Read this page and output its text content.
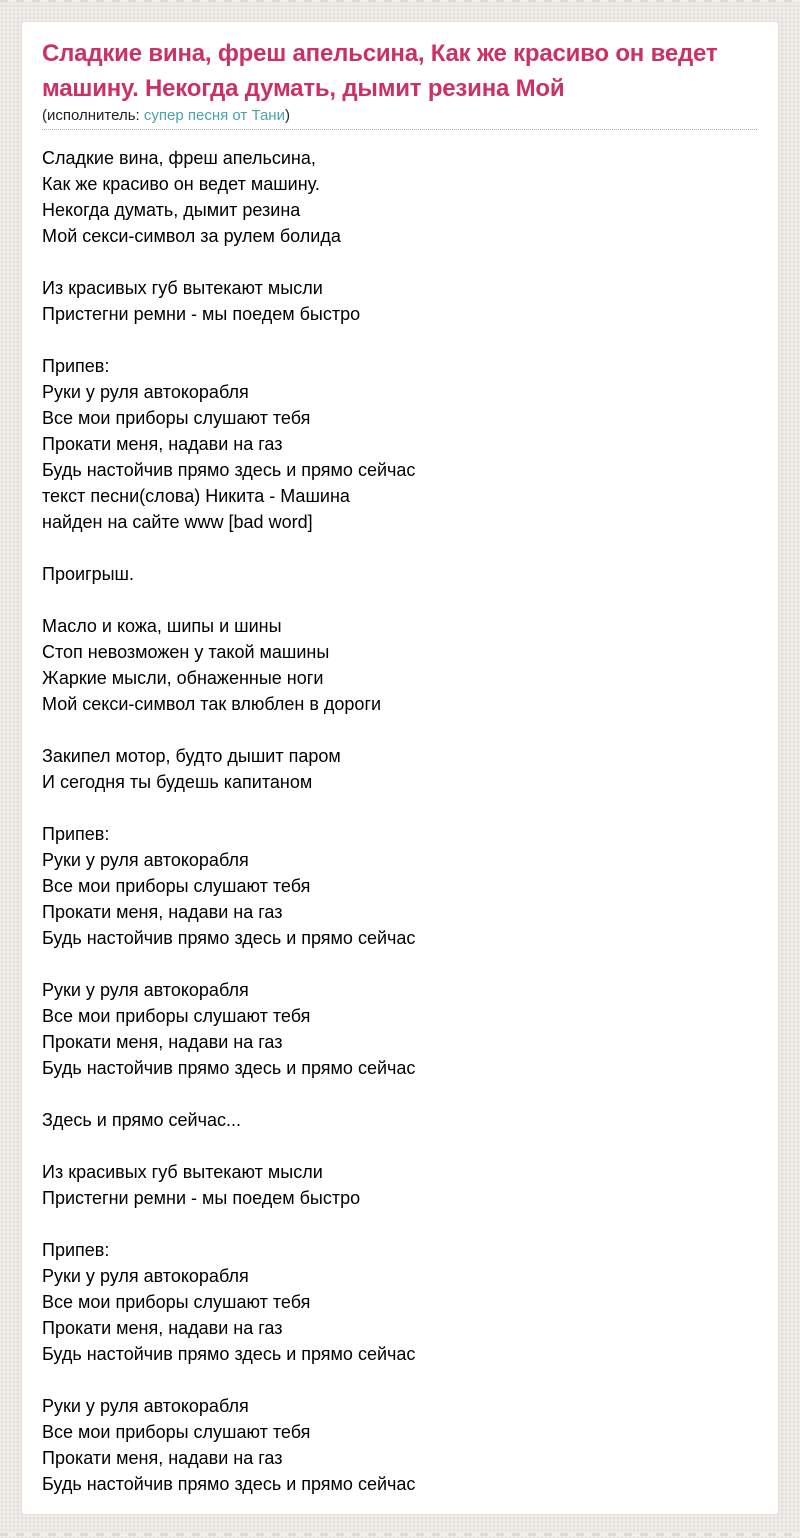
Сладкие вина, фреш апельсина, Как же красиво он ведет машину. Некогда думать, дымит резина Мой
(исполнитель: супер песня от Тани)
Сладкие вина, фреш апельсина,
Как же красиво он ведет машину.
Некогда думать, дымит резина
Мой секси-символ за рулем болида
Из красивых губ вытекают мысли
Пристегни ремни - мы поедем быстро
Припев:
Руки у руля автокорабля
Все мои приборы слушают тебя
Прокати меня, надави на газ
Будь настойчив прямо здесь и прямо сейчас
текст песни(слова) Никита - Машина
найден на сайте www [bad word]
Проигрыш.
Масло и кожа, шипы и шины
Стоп невозможен у такой машины
Жаркие мысли, обнаженные ноги
Мой секси-символ так влюблен в дороги
Закипел мотор, будто дышит паром
И сегодня ты будешь капитаном
Припев:
Руки у руля автокорабля
Все мои приборы слушают тебя
Прокати меня, надави на газ
Будь настойчив прямо здесь и прямо сейчас
Руки у руля автокорабля
Все мои приборы слушают тебя
Прокати меня, надави на газ
Будь настойчив прямо здесь и прямо сейчас
Здесь и прямо сейчас...
Из красивых губ вытекают мысли
Пристегни ремни - мы поедем быстро
Припев:
Руки у руля автокорабля
Все мои приборы слушают тебя
Прокати меня, надави на газ
Будь настойчив прямо здесь и прямо сейчас
Руки у руля автокорабля
Все мои приборы слушают тебя
Прокати меня, надави на газ
Будь настойчив прямо здесь и прямо сейчас
